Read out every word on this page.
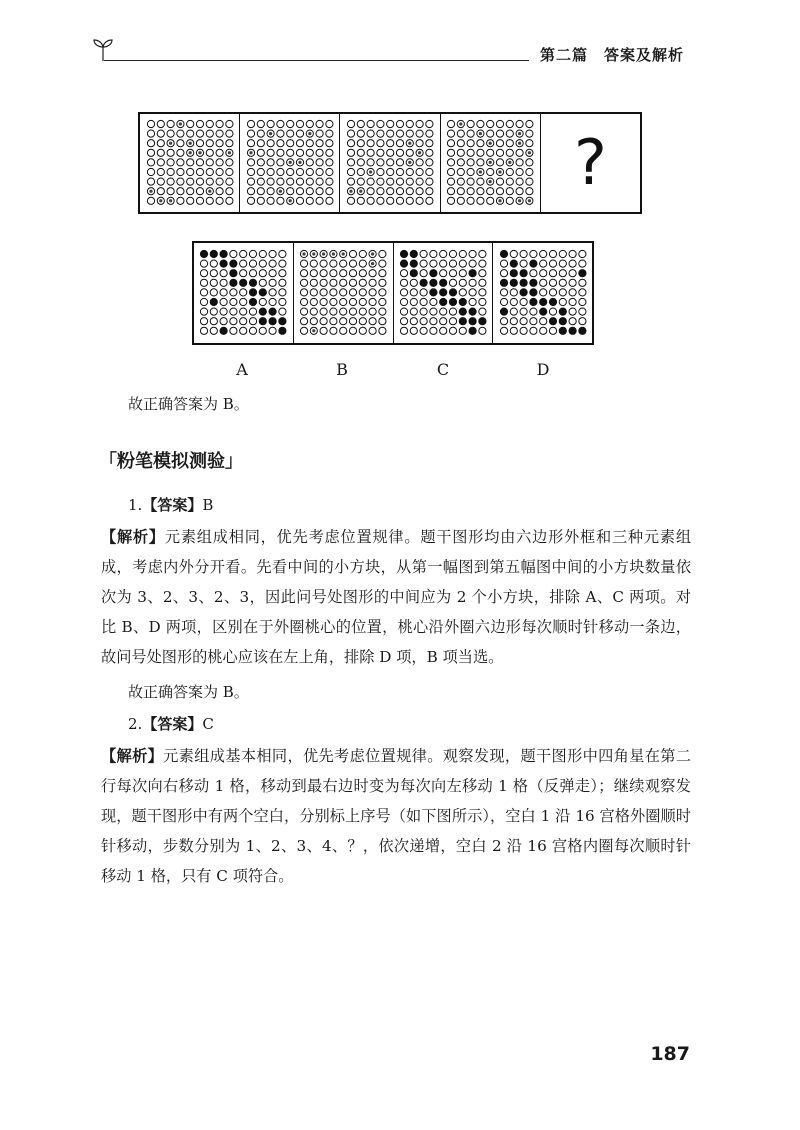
第二篇 答案及解析
?
A	B	C	D
故正确答案为 B。
「粉笔模拟测验」
1.【答案】B
【解析】元素组成相同，优先考虑位置规律。题干图形均由六边形外框和三种元素组成，考虑内外分开看。先看中间的小方块，从第一幅图到第五幅图中间的小方块数量依次为 3、2、3、2、3，因此问号处图形的中间应为 2 个小方块，排除 A、C 两项。对比 B、D 两项，区别在于外圈桃心的位置，桃心沿外圈六边形每次顺时针移动一条边，故问号处图形的桃心应该在左上角，排除 D 项，B 项当选。
故正确答案为 B。
2.【答案】C
【解析】元素组成基本相同，优先考虑位置规律。观察发现，题干图形中四角星在第二行每次向右移动 1 格，移动到最右边时变为每次向左移动 1 格（反弹走）；继续观察发现，题干图形中有两个空白，分别标上序号（如下图所示），空白 1 沿 16 宫格外圈顺时针移动，步数分别为 1、2、3、4、？，依次递增，空白 2 沿 16 宫格内圈每次顺时针移动 1 格，只有 C 项符合。
187
